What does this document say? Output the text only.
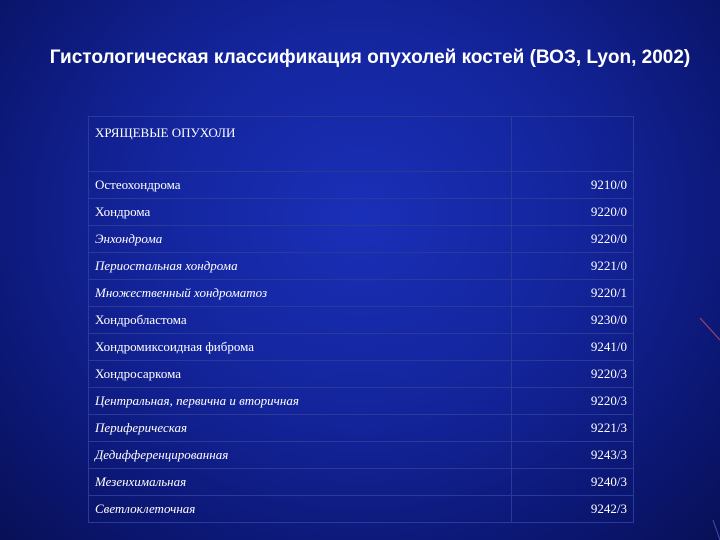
Гистологическая классификация опухолей костей (ВОЗ, Lyon, 2002)
ХРЯЩЕВЫЕ ОПУХОЛИ	
Остеохондрома	9210/0
Хондрома	9220/0
Энхондрома	9220/0
Периостальная хондрома	9221/0
Множественный хондроматоз	9220/1
Хондробластома	9230/0
Хондромиксоидная фиброма	9241/0
Хондросаркома	9220/3
Центральная, первична и вторичная	9220/3
Периферическая	9221/3
Дедифференцированная	9243/3
Мезенхимальная	9240/3
Светлоклеточная	9242/3
